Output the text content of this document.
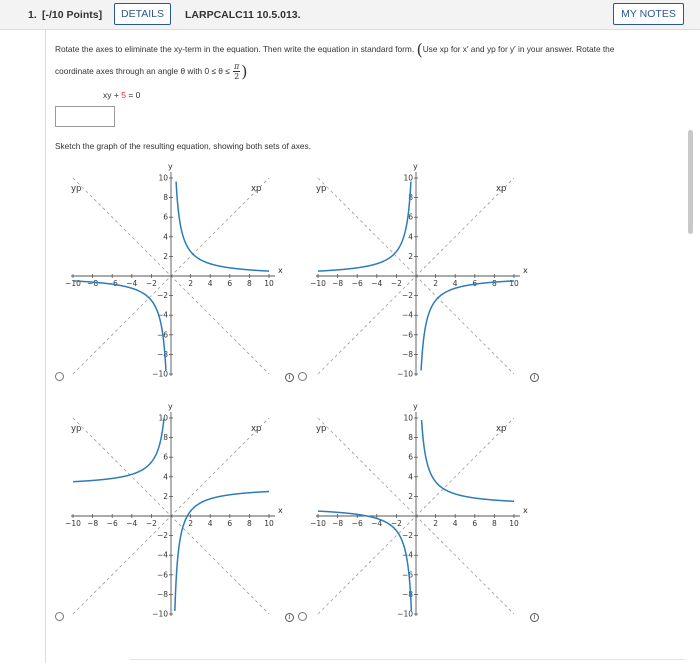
1. [-/10 Points]	DETAILS	LARPCALC11 10.5.013.	MY NOTES
Rotate the axes to eliminate the xy-term in the equation. Then write the equation in standard form. (Use xp for x′ and yp for y′ in your answer. Rotate the
coordinate axes through an angle θ with $0 \le \theta \le \frac{\pi}{2}$ )
xy + 5 = 0
Sketch the graph of the resulting equation, showing both sets of axes.
−10
−10
−8
−8
−6
−6
−4
−4
−2
−2
2
2
4
4
6
6
8
8
10
10
x
y
xp
yp
−10
−10
−8
−8
−6
−6
−4
−4
−2
−2
2
2
4
4
6
6
8
8
10
10
x
y
xp
yp
−10
−10
−8
−8
−6
−6
−4
−4
−2
−2
2
2
4
4
6
6
8
8
10
10
x
y
xp
yp
−10
−10
−8
−8
−6
−6
−4
−4
−2
−2
2
2
4
4
6
6
8
8
10
10
x
y
xp
yp
i	i
i	i
